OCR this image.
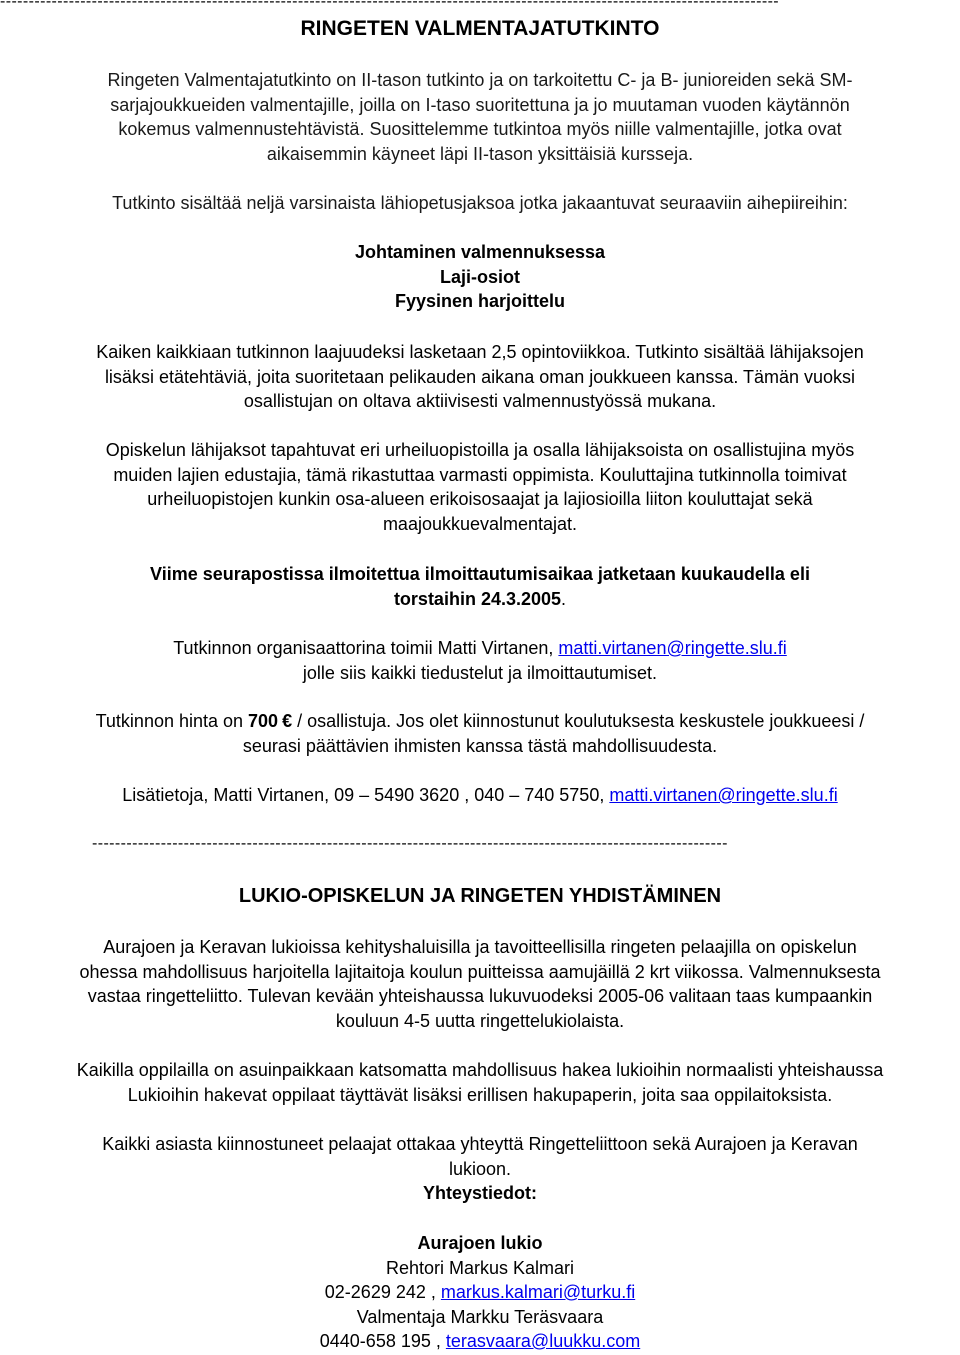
----------------------------------------------------------------------------------------------------------------------------------------
RINGETEN VALMENTAJATUTKINTO
Ringeten Valmentajatutkinto on II-tason tutkinto ja on tarkoitettu C- ja B- junioreiden sekä SM-
sarjajoukkueiden valmentajille, joilla on I-taso suoritettuna ja jo muutaman vuoden käytännön
kokemus valmennustehtävistä. Suosittelemme tutkintoa myös niille valmentajille, jotka ovat
aikaisemmin käyneet läpi II-tason yksittäisiä kursseja.
Tutkinto sisältää neljä varsinaista lähiopetusjaksoa jotka jakaantuvat seuraaviin aihepiireihin:
Johtaminen valmennuksessa
Laji-osiot
Fyysinen harjoittelu
Kaiken kaikkiaan tutkinnon laajuudeksi lasketaan 2,5 opintoviikkoa. Tutkinto sisältää lähijaksojen
lisäksi etätehtäviä, joita suoritetaan pelikauden aikana oman joukkueen kanssa. Tämän vuoksi
osallistujan on oltava aktiivisesti valmennustyössä mukana.
Opiskelun lähijaksot tapahtuvat eri urheiluopistoilla ja osalla lähijaksoista on osallistujina myös
muiden lajien edustajia, tämä rikastuttaa varmasti oppimista. Kouluttajina tutkinnolla toimivat
urheiluopistojen kunkin osa-alueen erikoisosaajat ja lajiosioilla liiton kouluttajat sekä
maajoukkuevalmentajat.
Viime seurapostissa ilmoitettua ilmoittautumisaikaa jatketaan kuukaudella eli
torstaihin 24.3.2005.
Tutkinnon organisaattorina toimii Matti Virtanen, matti.virtanen@ringette.slu.fi
jolle siis kaikki tiedustelut ja ilmoittautumiset.
Tutkinnon hinta on 700 € / osallistuja. Jos olet kiinnostunut koulutuksesta keskustele joukkueesi /
seurasi päättävien ihmisten kanssa tästä mahdollisuudesta.
Lisätietoja, Matti Virtanen, 09 – 5490 3620 , 040 – 740 5750, matti.virtanen@ringette.slu.fi
---------------------------------------------------------------------------------------------------------------
LUKIO-OPISKELUN JA RINGETEN YHDISTÄMINEN
Aurajoen ja Keravan lukioissa kehityshaluisilla ja tavoitteellisilla ringeten pelaajilla on opiskelun
ohessa mahdollisuus harjoitella lajitaitoja koulun puitteissa aamujäillä 2 krt viikossa. Valmennuksesta
vastaa ringetteliitto. Tulevan kevään yhteishaussa lukuvuodeksi 2005-06 valitaan taas kumpaankin
kouluun 4-5 uutta ringettelukiolaista.
Kaikilla oppilailla on asuinpaikkaan katsomatta mahdollisuus hakea lukioihin normaalisti yhteishaussa
Lukioihin hakevat oppilaat täyttävät lisäksi erillisen hakupaperin, joita saa oppilaitoksista.
Kaikki asiasta kiinnostuneet pelaajat ottakaa yhteyttä Ringetteliittoon sekä Aurajoen ja Keravan
lukioon.
Yhteystiedot:
Aurajoen lukio
Rehtori Markus Kalmari
02-2629 242 , markus.kalmari@turku.fi
Valmentaja Markku Teräsvaara
0440-658 195 , terasvaara@luukku.com
